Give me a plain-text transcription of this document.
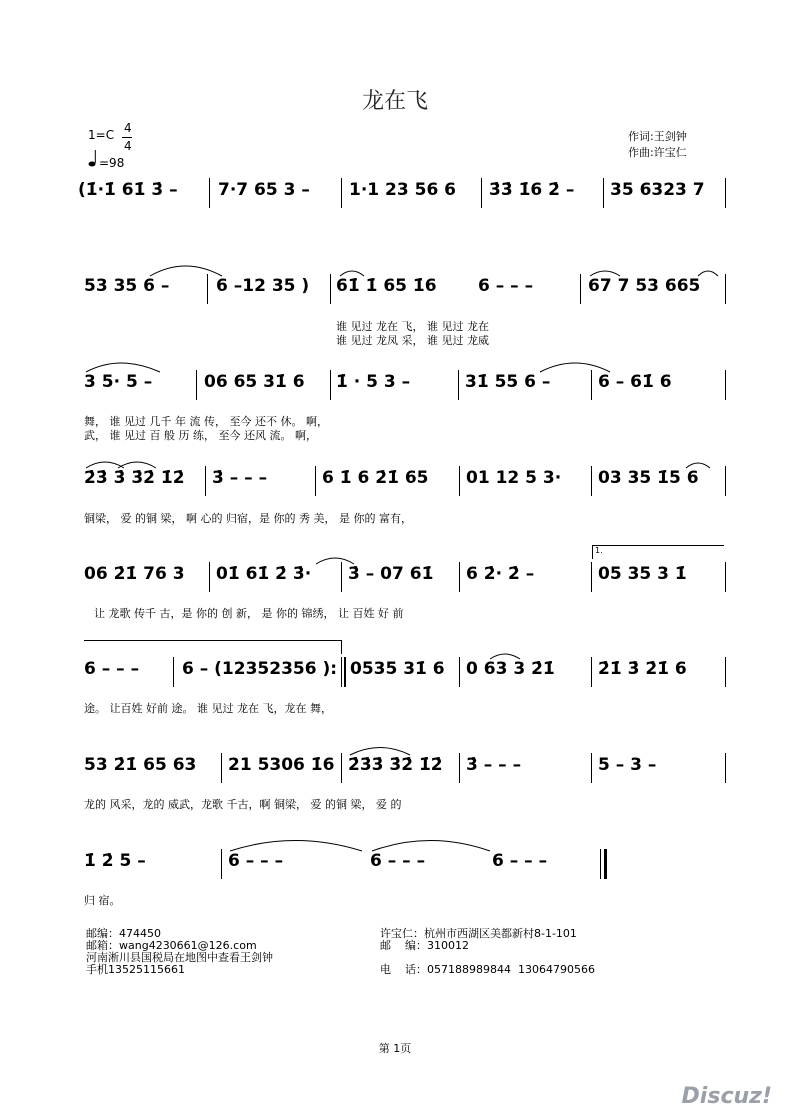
龙在飞
1=C 4
4
=98
作词:王剑钟
作曲:许宝仁
(1̇·1̇ 61̇ 3̇ – 7·7 65 3 – 1·1 23 56 6 3̇3̇ 1̇6 2̇ – 35 6323 7
53 35 6 –	6 –12 35 ) 61̇ 1̇ 65 1̇6 6 – – –	67 7 53 665
谁 见过 龙在 飞， 谁 见过 龙在
谁 见过 龙凤 采， 谁 见过 龙威
3 5· 5 –	06 65 31̇ 6 1̇ · 5 3 –	31̇ 55 6 –	6 – 61̇ 6
舞， 谁 见过 几千 年 流 传， 至今 还不 休。 啊，
武， 谁 见过 百 般 历 练， 至今 还风 流。 啊，
2̇3̇ 3̇ 3̇2̇ 1̇2̇ 3̇ – – –	6 1̇ 6 2̇1̇ 65 01 12 5 3· 03 35 1̇5 6
铜梁， 爱 的铜 梁， 啊 心的 归宿，是 你的 秀 美， 是 你的 富有，
1.
06 2̇1̇ 76 3 01̇ 61̇ 2̇ 3̇· 3̇ – 07 61̇ 6 2̇· 2̇ –	05 35 3 1̇
让 龙歌 传千 古，是 你的 创 新， 是 你的 锦绣， 让 百姓 好 前
6 – – –	6 – (12352356 ): 0535 31̇ 6 0 63 3 2̇1̇	2̇1̇ 3̇ 2̇1̇ 6
途。 让百姓 好前 途。 谁 见过 龙在 飞，龙在 舞，
53 2̇1̇ 65 63 21 5306 1̇6 2̇3̇3̇ 3̇2̇ 1̇2̇ 3̇ – – –	5 – 3 –
龙的 风采，龙的 威武，龙歌 千古，啊 铜梁， 爱 的铜 梁， 爱 的
1̇ 2̇ 5 –	6 – – –	6 – – –	6 – – –
归 宿。
邮编：474450
邮箱：wang4230661@126.com
河南淅川县国税局在地图中查看王剑钟
手机13525115661
许宝仁：杭州市西湖区美都新村8-1-101
邮    编：310012
电    话：057188989844  13064790566
第 1页
Discuz!
